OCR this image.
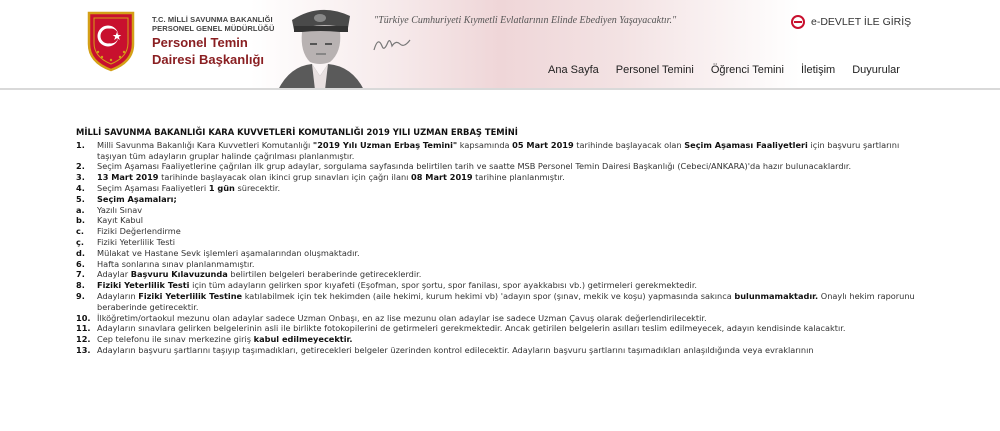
T.C. MİLLİ SAVUNMA BAKANLIĞI
PERSONEL GENEL MÜDÜRLÜĞÜ
Personel Temin
Dairesi Başkanlığı
"Türkiye Cumhuriyeti Kıymetli Evlatlarının Elinde Ebediyen Yaşayacaktır."	e-DEVLET İLE GİRİŞ
Ana Sayfa Personel Temini Öğrenci Temini İletişim Duyurular
MİLLİ SAVUNMA BAKANLIĞI KARA KUVVETLERİ KOMUTANLIĞI 2019 YILI UZMAN ERBAŞ TEMİNİ
1.	Milli Savunma Bakanlığı Kara Kuvvetleri Komutanlığı "2019 Yılı Uzman Erbaş Temini" kapsamında 05 Mart 2019 tarihinde başlayacak olan Seçim Aşaması Faaliyetleri için başvuru şartlarını taşıyan tüm adayların gruplar halinde çağrılması planlanmıştır.
2.	Seçim Aşaması Faaliyetlerine çağrılan ilk grup adaylar, sorgulama sayfasında belirtilen tarih ve saatte MSB Personel Temin Dairesi Başkanlığı (Cebeci/ANKARA)'da hazır bulunacaklardır.
3.	13 Mart 2019 tarihinde başlayacak olan ikinci grup sınavları için çağrı ilanı 08 Mart 2019 tarihine planlanmıştır.
4.	Seçim Aşaması Faaliyetleri 1 gün sürecektir.
5.	Seçim Aşamaları;
a.	Yazılı Sınav
b.	Kayıt Kabul
c.	Fiziki Değerlendirme
ç.	Fiziki Yeterlilik Testi
d.	Mülakat ve Hastane Sevk işlemleri aşamalarından oluşmaktadır.
6.	Hafta sonlarına sınav planlanmamıştır.
7.	Adaylar Başvuru Kılavuzunda belirtilen belgeleri beraberinde getireceklerdir.
8.	Fiziki Yeterlilik Testi için tüm adayların gelirken spor kıyafeti (Eşofman, spor şortu, spor fanilası, spor ayakkabısı vb.) getirmeleri gerekmektedir.
9.	Adayların Fiziki Yeterlilik Testine katılabilmek için tek hekimden (aile hekimi, kurum hekimi vb) 'adayın spor (şınav, mekik ve koşu) yapmasında sakınca bulunmamaktadır. Onaylı hekim raporunu beraberinde getirecektir.
10. İlköğretim/ortaokul mezunu olan adaylar sadece Uzman Onbaşı, en az lise mezunu olan adaylar ise sadece Uzman Çavuş olarak değerlendirilecektir.
11. Adayların sınavlara gelirken belgelerinin asli ile birlikte fotokopilerini de getirmeleri gerekmektedir. Ancak getirilen belgelerin asılları teslim edilmeyecek, adayın kendisinde kalacaktır.
12. Cep telefonu ile sınav merkezine giriş kabul edilmeyecektir.
13. Adayların başvuru şartlarını taşıyıp taşımadıkları, getirecekleri belgeler üzerinden kontrol edilecektir. Adayların başvuru şartlarını taşımadıkları anlaşıldığında veya evraklarının
